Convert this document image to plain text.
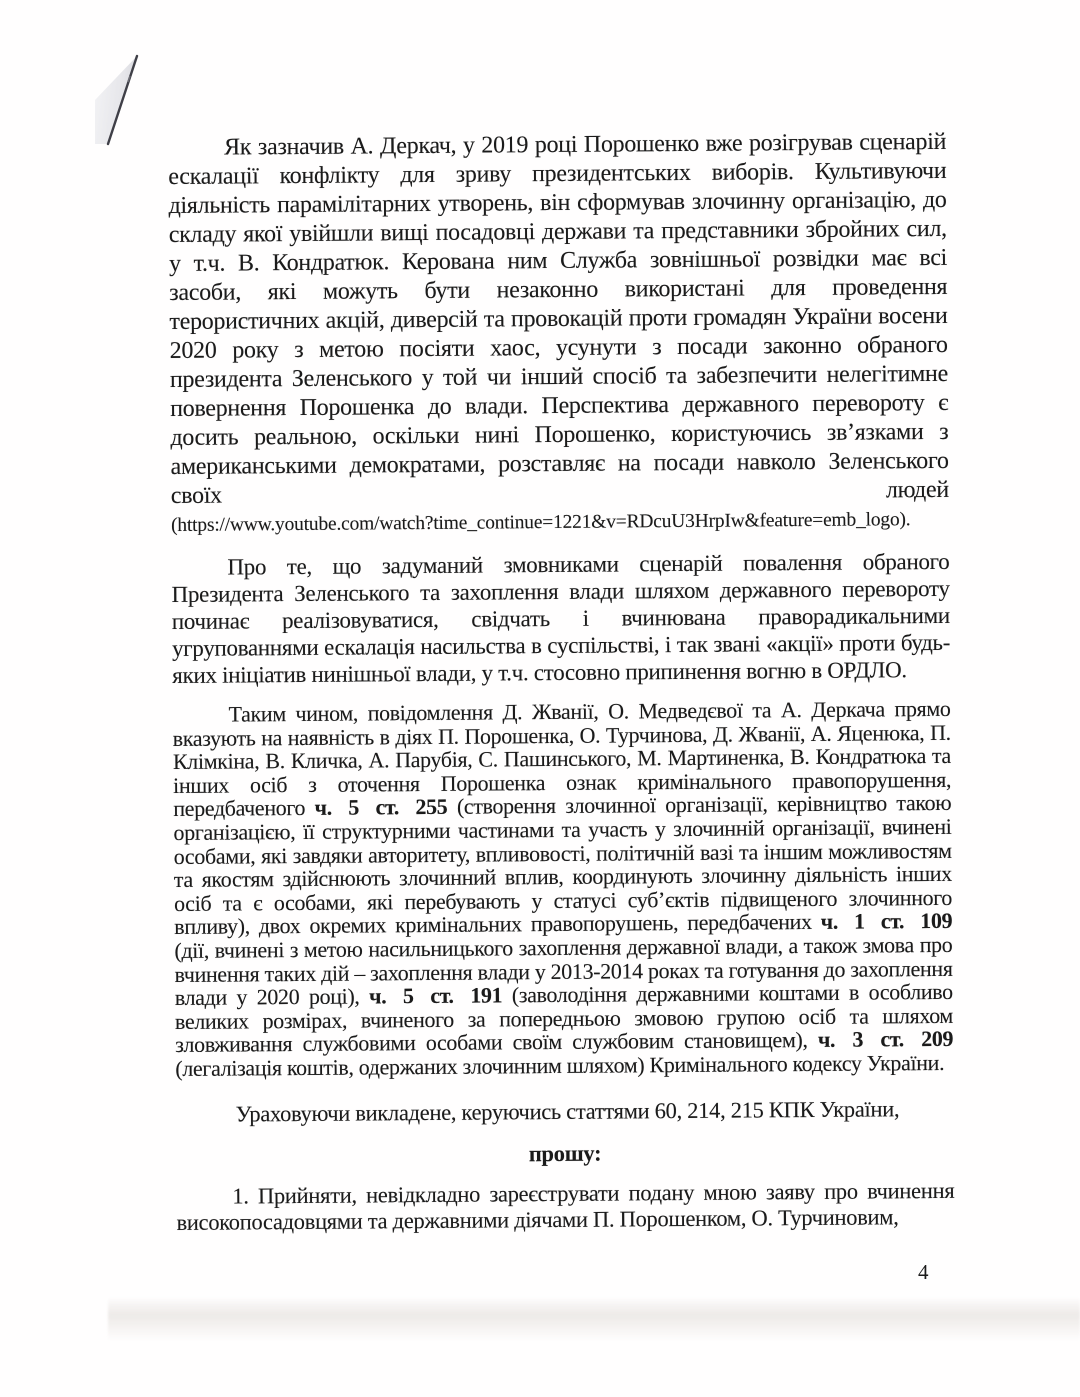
Як зазначив А. Деркач, у 2019 році Порошенко вже розігрував сценарій ескалації конфлікту для зриву президентських виборів. Культивуючи діяльність парамілітарних утворень, він сформував злочинну організацію, до складу якої увійшли вищі посадовці держави та представники збройних сил, у т.ч. В. Кондратюк. Керована ним Служба зовнішньої розвідки має всі засоби, які можуть бути незаконно використані для проведення терористичних акцій, диверсій та провокацій проти громадян України восени 2020 року з метою посіяти хаос, усунути з посади законно обраного президента Зеленського у той чи інший спосіб та забезпечити нелегітимне повернення Порошенка до влади. Перспектива державного перевороту є досить реальною, оскільки нині Порошенко, користуючись зв’язками з американськими демократами, розставляє на посади навколо Зеленського своїх людей
(https://www.youtube.com/watch?time_continue=1221&v=RDcuU3HrpIw&feature=emb_logo).

Про те, що задуманий змовниками сценарій повалення обраного Президента Зеленського та захоплення влади шляхом державного перевороту починає реалізовуватися, свідчать і вчинювана праворадикальними угрупованнями ескалація насильства в суспільстві, і так звані «акції» проти будь-яких ініціатив нинішньої влади, у т.ч. стосовно припинення вогню в ОРДЛО.

Таким чином, повідомлення Д. Жванії, О. Медведєвої та А. Деркача прямо вказують на наявність в діях П. Порошенка, О. Турчинова, Д. Жванії, А. Яценюка, П. Клімкіна, В. Кличка, А. Парубія, С. Пашинського, М. Мартиненка, В. Кондратюка та інших осіб з оточення Порошенка ознак кримінального правопорушення, передбаченого ч. 5 ст. 255 (створення злочинної організації, керівництво такою організацією, її структурними частинами та участь у злочинній організації, вчинені особами, які завдяки авторитету, впливовості, політичній вазі та іншим можливостям та якостям здійснюють злочинний вплив, координують злочинну діяльність інших осіб та є особами, які перебувають у статусі суб’єктів підвищеного злочинного впливу), двох окремих кримінальних правопорушень, передбачених ч. 1 ст. 109 (дії, вчинені з метою насильницького захоплення державної влади, а також змова про вчинення таких дій – захоплення влади у 2013-2014 роках та готування до захоплення влади у 2020 році), ч. 5 ст. 191 (заволодіння державними коштами в особливо великих розмірах, вчиненого за попередньою змовою групою осіб та шляхом зловживання службовими особами своїм службовим становищем), ч. 3 ст. 209 (легалізація коштів, одержаних злочинним шляхом) Кримінального кодексу України.

Ураховуючи викладене, керуючись статтями 60, 214, 215 КПК України,

прошу:

1. Прийняти, невідкладно зареєструвати подану мною заяву про вчинення високопосадовцями та державними діячами П. Порошенком, О. Турчиновим,

4
